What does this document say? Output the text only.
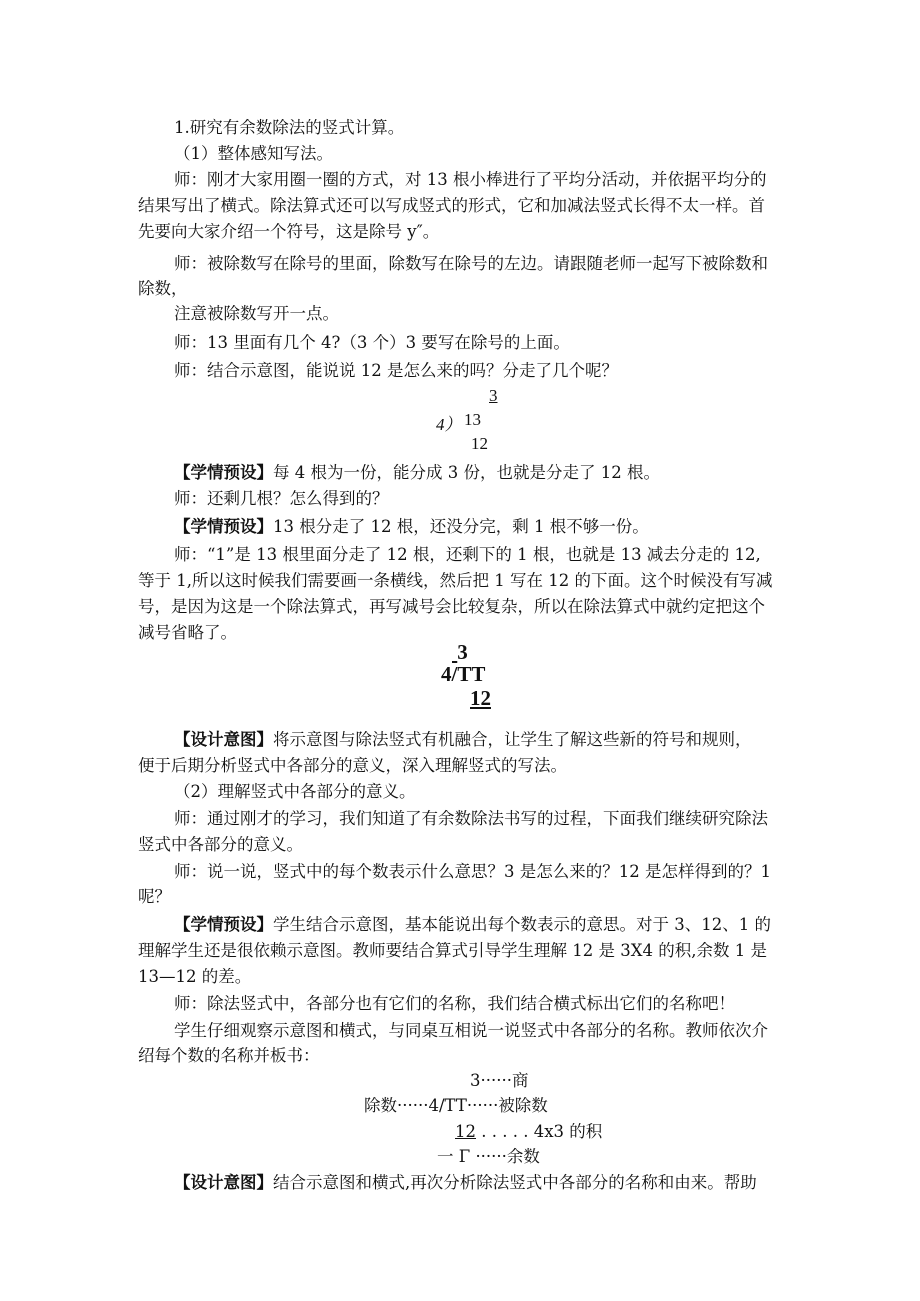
1.研究有余数除法的竖式计算。
（1）整体感知写法。
师：刚才大家用圈一圈的方式，对 13 根小棒进行了平均分活动，并依据平均分的
结果写出了横式。除法算式还可以写成竖式的形式，它和加减法竖式长得不太一样。首
先要向大家介绍一个符号，这是除号 y″。
师：被除数写在除号的里面，除数写在除号的左边。请跟随老师一起写下被除数和
除数，
注意被除数写开一点。
师：13 里面有几个 4?（3 个）3 要写在除号的上面。
师：结合示意图，能说说 12 是怎么来的吗？分走了几个呢？
3
4） 13
12
【学情预设】每 4 根为一份，能分成 3 份，也就是分走了 12 根。
师：还剩几根？怎么得到的？
【学情预设】13 根分走了 12 根，还没分完，剩 1 根不够一份。
师：“1”是 13 根里面分走了 12 根，还剩下的 1 根，也就是 13 减去分走的 12,
等于 1,所以这时候我们需要画一条横线，然后把 1 写在 12 的下面。这个时候没有写减
号，是因为这是一个除法算式，再写减号会比较复杂，所以在除法算式中就约定把这个
减号省略了。
 3
4/TT
12
【设计意图】将示意图与除法竖式有机融合，让学生了解这些新的符号和规则，
便于后期分析竖式中各部分的意义，深入理解竖式的写法。
（2）理解竖式中各部分的意义。
师：通过刚才的学习，我们知道了有余数除法书写的过程，下面我们继续研究除法
竖式中各部分的意义。
师：说一说，竖式中的每个数表示什么意思？3 是怎么来的？12 是怎样得到的？1
呢？
【学情预设】学生结合示意图，基本能说出每个数表示的意思。对于 3、12、1 的
理解学生还是很依赖示意图。教师要结合算式引导学生理解 12 是 3X4 的积,余数 1 是
13—12 的差。
师：除法竖式中，各部分也有它们的名称，我们结合横式标出它们的名称吧！
学生仔细观察示意图和横式，与同桌互相说一说竖式中各部分的名称。教师依次介
绍每个数的名称并板书：
3······商
除数······4/TT······被除数
12 . . . . . 4x3 的积
一 Γ ······余数
【设计意图】结合示意图和横式,再次分析除法竖式中各部分的名称和由来。帮助
